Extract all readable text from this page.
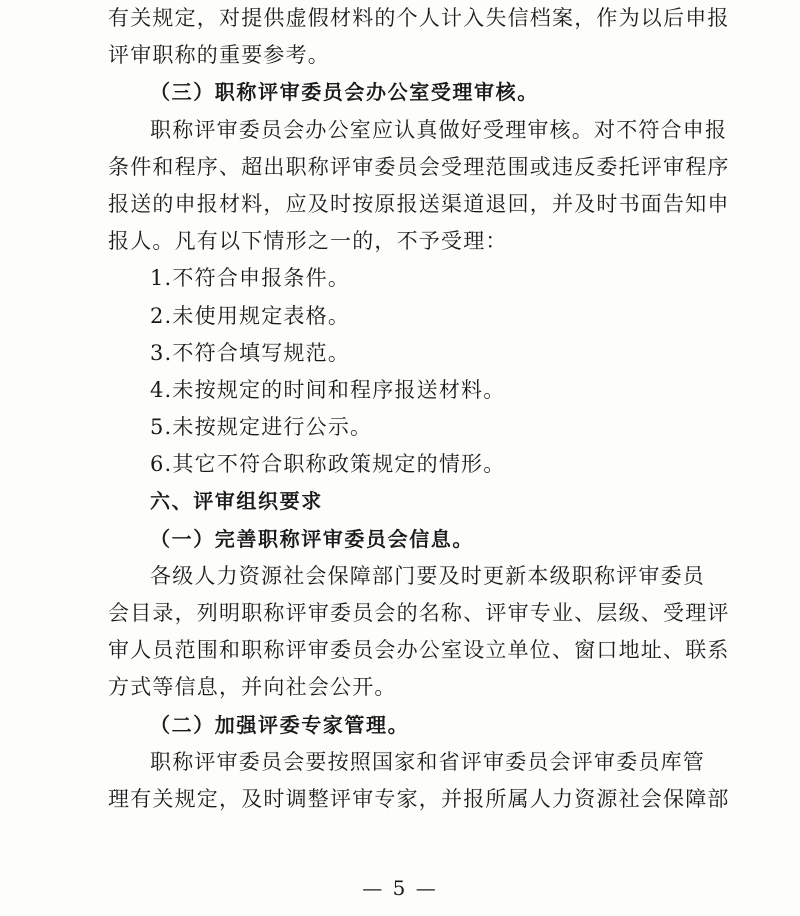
有关规定，对提供虚假材料的个人计入失信档案，作为以后申报
评审职称的重要参考。
（三）职称评审委员会办公室受理审核。
职称评审委员会办公室应认真做好受理审核。对不符合申报
条件和程序、超出职称评审委员会受理范围或违反委托评审程序
报送的申报材料，应及时按原报送渠道退回，并及时书面告知申
报人。凡有以下情形之一的，不予受理：
1.不符合申报条件。
2.未使用规定表格。
3.不符合填写规范。
4.未按规定的时间和程序报送材料。
5.未按规定进行公示。
6.其它不符合职称政策规定的情形。
六、评审组织要求
（一）完善职称评审委员会信息。
各级人力资源社会保障部门要及时更新本级职称评审委员
会目录，列明职称评审委员会的名称、评审专业、层级、受理评
审人员范围和职称评审委员会办公室设立单位、窗口地址、联系
方式等信息，并向社会公开。
（二）加强评委专家管理。
职称评审委员会要按照国家和省评审委员会评审委员库管
理有关规定，及时调整评审专家，并报所属人力资源社会保障部
— 5 —
